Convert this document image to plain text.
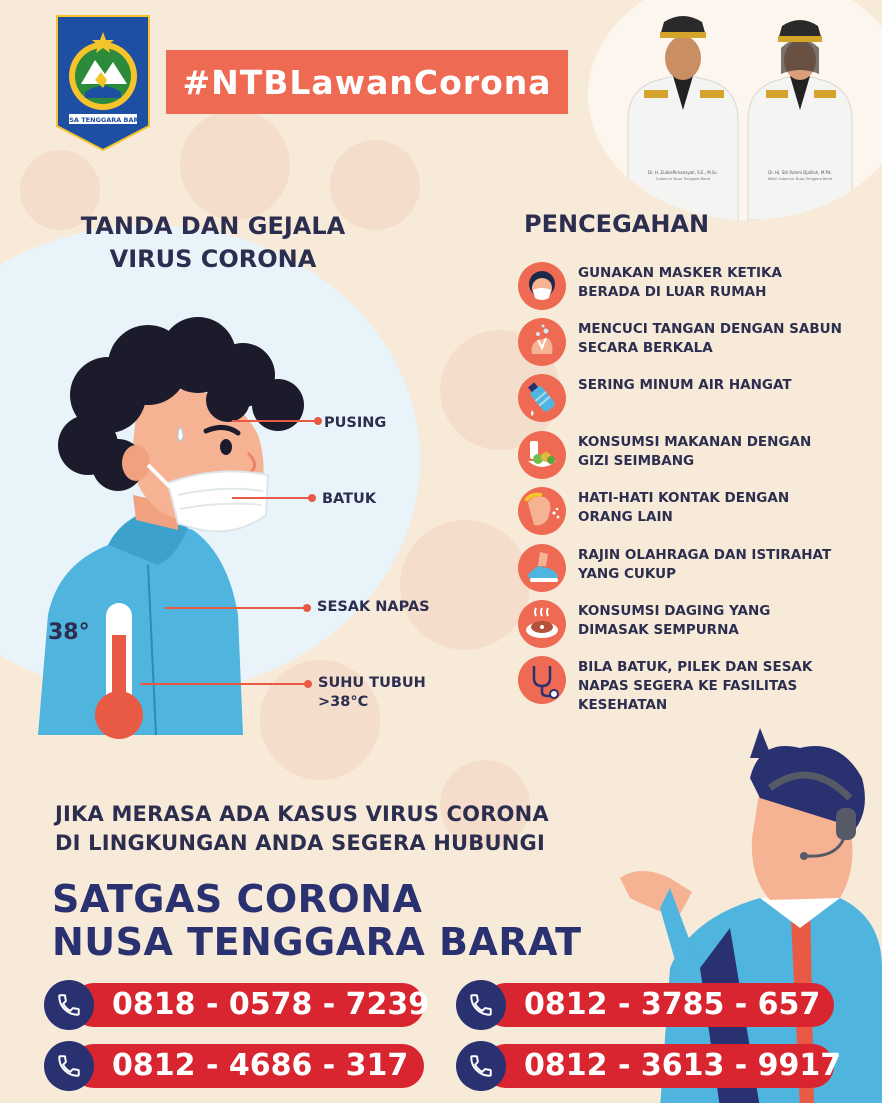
NUSA TENGGARA BARAT
#NTBLawanCorona
Dr. H. Zulkieflimansyah, S.E., M.Sc.
Gubernur Nusa Tenggara Barat
Dr. Hj. Siti Rohmi Djalilah, M.Pd.
Wakil Gubernur Nusa Tenggara Barat
TANDA DAN GEJALA
VIRUS CORONA
38°
PUSING
BATUK
SESAK NAPAS
SUHU TUBUH
>38°C
PENCEGAHAN
GUNAKAN MASKER KETIKA
BERADA DI LUAR RUMAH
MENCUCI TANGAN DENGAN SABUN
SECARA BERKALA
SERING MINUM AIR HANGAT
KONSUMSI MAKANAN DENGAN
GIZI SEIMBANG
HATI-HATI KONTAK DENGAN
ORANG LAIN
RAJIN OLAHRAGA DAN ISTIRAHAT
YANG CUKUP
KONSUMSI DAGING YANG
DIMASAK SEMPURNA
BILA BATUK, PILEK DAN SESAK
NAPAS SEGERA KE FASILITAS
KESEHATAN
JIKA MERASA ADA KASUS VIRUS CORONA
DI LINGKUNGAN ANDA SEGERA HUBUNGI
SATGAS CORONA
NUSA TENGGARA BARAT
0818 - 0578 - 7239	0812 - 3785 - 657
0812 - 4686 - 317	0812 - 3613 - 9917
